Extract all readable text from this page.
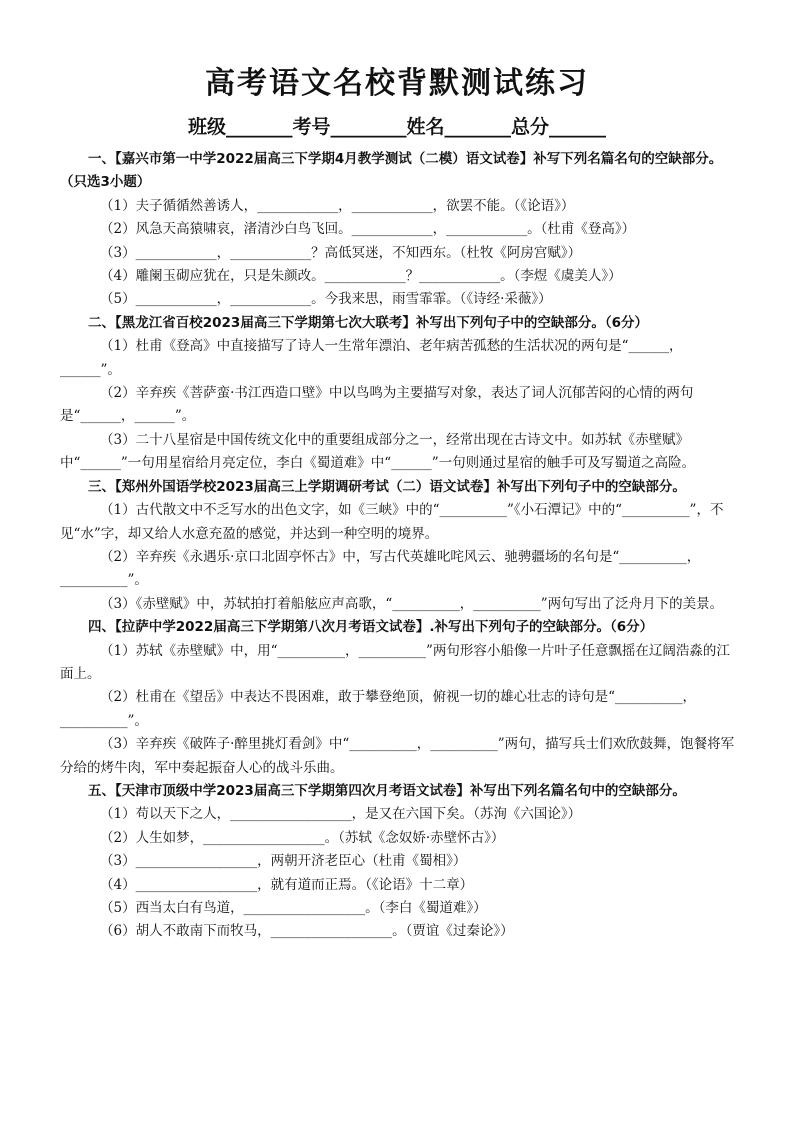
高考语文名校背默测试练习
班级_______考号________姓名_______总分______

一、【嘉兴市第一中学2022届高三下学期4月教学测试（二模）语文试卷】补写下列名篇名句的空缺部分。（只选3小题）

（1）夫子循循然善诱人，____________，____________，欲罢不能。（《论语》）

（2）风急天高猿啸哀，渚清沙白鸟飞回。____________，____________。（杜甫《登高》）

（3）____________，____________？高低冥迷，不知西东。（杜牧《阿房宫赋》）

（4）雕阑玉砌应犹在，只是朱颜改。____________？____________。（李煜《虞美人》）

（5）____________，____________。今我来思，雨雪霏霏。（《诗经·采薇》）

二、【黑龙江省百校2023届高三下学期第七次大联考】补写出下列句子中的空缺部分。（6分）

（1）杜甫《登高》中直接描写了诗人一生常年漂泊、老年病苦孤愁的生活状况的两句是“______，______”。

（2）辛弃疾《菩萨蛮·书江西造口壁》中以鸟鸣为主要描写对象，表达了词人沉郁苦闷的心情的两句是“______，______”。

（3）二十八星宿是中国传统文化中的重要组成部分之一，经常出现在古诗文中。如苏轼《赤壁赋》中“______”一句用星宿给月亮定位，李白《蜀道难》中“______”一句则通过星宿的触手可及写蜀道之高险。

三、【郑州外国语学校2023届高三上学期调研考试（二）语文试卷】补写出下列句子中的空缺部分。

（1）古代散文中不乏写水的出色文字，如《三峡》中的“__________”《小石潭记》中的“__________”，不见“水”字，却又给人水意充盈的感觉，并达到一种空明的境界。

（2）辛弃疾《永遇乐·京口北固亭怀古》中，写古代英雄叱咤风云、驰骋疆场的名句是“__________，__________”。

（3）《赤壁赋》中，苏轼拍打着船舷应声高歌，“__________，__________”两句写出了泛舟月下的美景。

四、【拉萨中学2022届高三下学期第八次月考语文试卷】.补写出下列句子的空缺部分。（6分）

（1）苏轼《赤壁赋》中，用“__________，__________”两句形容小船像一片叶子任意飘摇在辽阔浩淼的江面上。

（2）杜甫在《望岳》中表达不畏困难，敢于攀登绝顶，俯视一切的雄心壮志的诗句是“__________，__________”。

（3）辛弃疾《破阵子·醉里挑灯看剑》中“__________，__________”两句，描写兵士们欢欣鼓舞，饱餐将军分给的烤牛肉，军中奏起振奋人心的战斗乐曲。

五、【天津市顶级中学2023届高三下学期第四次月考语文试卷】补写出下列名篇名句中的空缺部分。

（1）苟以天下之人，__________________，是又在六国下矣。（苏洵《六国论》）

（2）人生如梦，__________________。（苏轼《念奴娇·赤壁怀古》）

（3）__________________，两朝开济老臣心（杜甫《蜀相》）

（4）__________________，就有道而正焉。（《论语》十二章）

（5）西当太白有鸟道，__________________。（李白《蜀道难》）

（6）胡人不敢南下而牧马，__________________。（贾谊《过秦论》）
